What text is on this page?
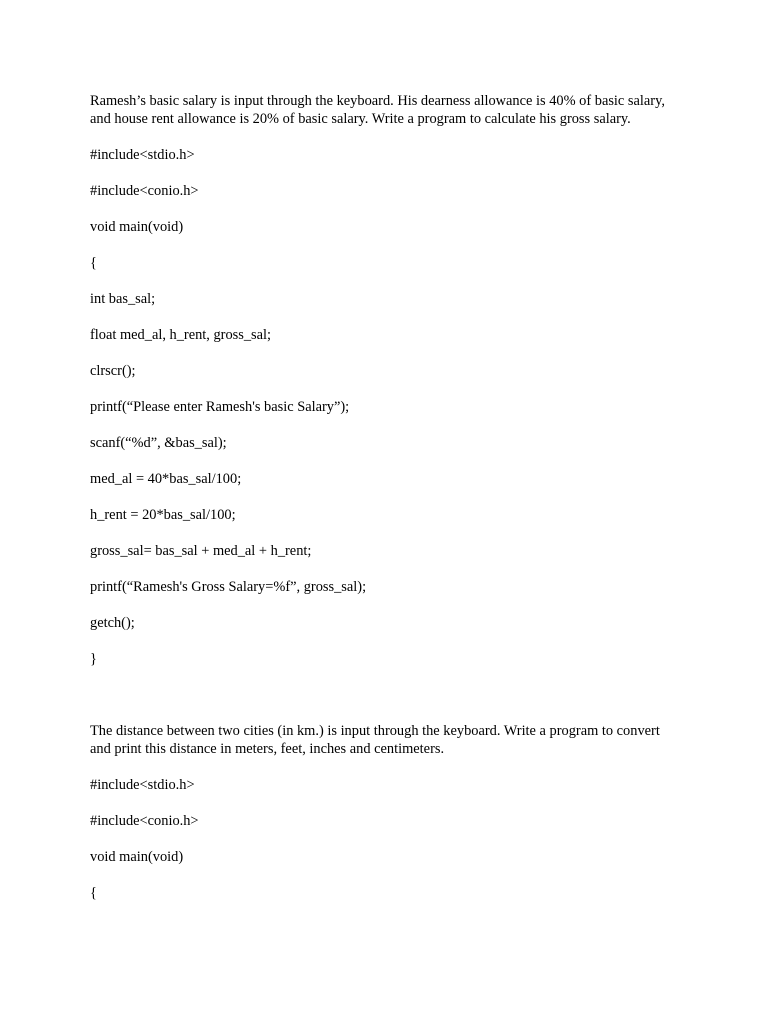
Ramesh’s basic salary is input through the keyboard. His dearness allowance is 40% of basic salary, and house rent allowance is 20% of basic salary. Write a program to calculate his gross salary.

#include<stdio.h>
#include<conio.h>
void main(void)
{
int bas_sal;
float med_al, h_rent, gross_sal;
clrscr();
printf(“Please enter Ramesh's basic Salary”);
scanf(“%d”, &bas_sal);
med_al = 40*bas_sal/100;
h_rent = 20*bas_sal/100;
gross_sal= bas_sal + med_al + h_rent;
printf(“Ramesh's Gross Salary=%f”, gross_sal);
getch();
}

The distance between two cities (in km.) is input through the keyboard. Write a program to convert and print this distance in meters, feet, inches and centimeters.

#include<stdio.h>
#include<conio.h>
void main(void)
{
